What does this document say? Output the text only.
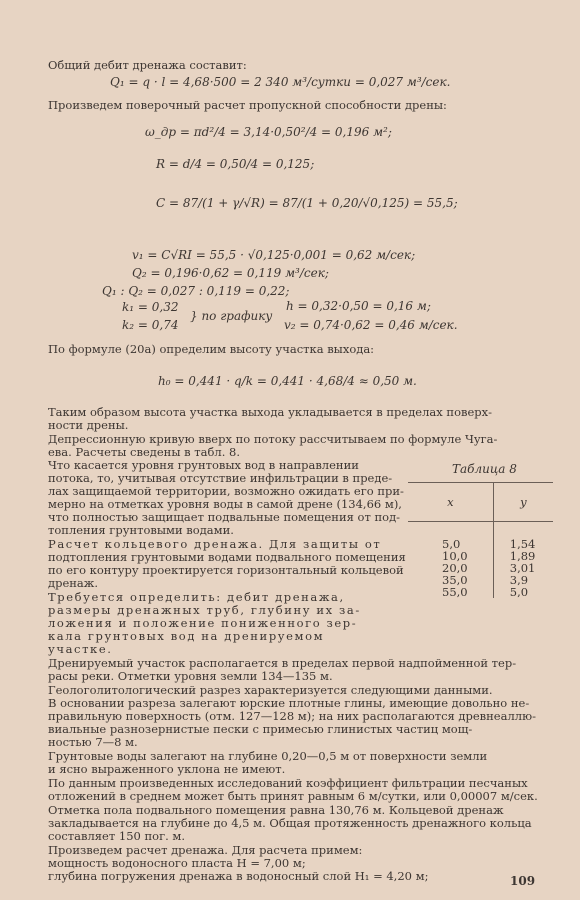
Общий дебит дренажа составит:
Q₁ = q · l = 4,68·500 = 2 340 м³/сутки = 0,027 м³/сек.
Произведем поверочный расчет пропускной способности дрены:
ω_др = πd²/4 = 3,14·0,50²/4 = 0,196 м²;
R = d/4 = 0,50/4 = 0,125;
C = 87/(1 + γ/√R) = 87/(1 + 0,20/√0,125) = 55,5;
v₁ = C√RI = 55,5 · √0,125·0,001 = 0,62 м/сек;
Q₂ = 0,196·0,62 = 0,119 м³/сек;
Q₁ : Q₂ = 0,027 : 0,119 = 0,22;
k₁ = 0,32
k₂ = 0,74
} по графику
h = 0,32·0,50 = 0,16 м;
v₂ = 0,74·0,62 = 0,46 м/сек.
По формуле (20а) определим высоту участка выхода:
h₀ = 0,441 · q/k = 0,441 · 4,68/4 ≈ 0,50 м.
Таким образом высота участка выхода укладывается в пределах поверх-
ности дрены.
Депрессионную кривую вверх по потоку рассчитываем по формуле Чуга-
ева. Расчеты сведены в табл. 8.
Что касается уровня грунтовых вод в направлении
потока, то, учитывая отсутствие инфильтрации в преде-
лах защищаемой территории, возможно ожидать его при-
мерно на отметках уровня воды в самой дрене (134,66 м),
что полностью защищает подвальные помещения от под-
топления грунтовыми водами.
Расчет кольцевого дренажа. Для защиты от
подтопления грунтовыми водами подвального помещения
по его контуру проектируется горизонтальный кольцевой
дренаж.
Требуется определить: дебит дренажа,
размеры дренажных труб, глубину их за-
ложения и положение пониженного зер-
кала грунтовых вод на дренируемом
участке.
Таблица 8
x	y
5,0	1,54
10,0	1,89
20,0	3,01
35,0	3,9
55,0	5,0
Дренируемый участок располагается в пределах первой надпойменной тер-
расы реки. Отметки уровня земли 134—135 м.
Геологолитологический разрез характеризуется следующими данными.
В основании разреза залегают юрские плотные глины, имеющие довольно не-
правильную поверхность (отм. 127—128 м); на них располагаются древнеаллю-
виальные разнозернистые пески с примесью глинистых частиц мощ-
ностью 7—8 м.
Грунтовые воды залегают на глубине 0,20—0,5 м от поверхности земли
и ясно выраженного уклона не имеют.
По данным произведенных исследований коэффициент фильтрации песчаных
отложений в среднем может быть принят равным 6 м/сутки, или 0,00007 м/сек.
Отметка пола подвального помещения равна 130,76 м. Кольцевой дренаж
закладывается на глубине до 4,5 м. Общая протяженность дренажного кольца
составляет 150 пог. м.
Произведем расчет дренажа. Для расчета примем:
мощность водоносного пласта H = 7,00 м;
глубина погружения дренажа в водоносный слой H₁ = 4,20 м;	109
